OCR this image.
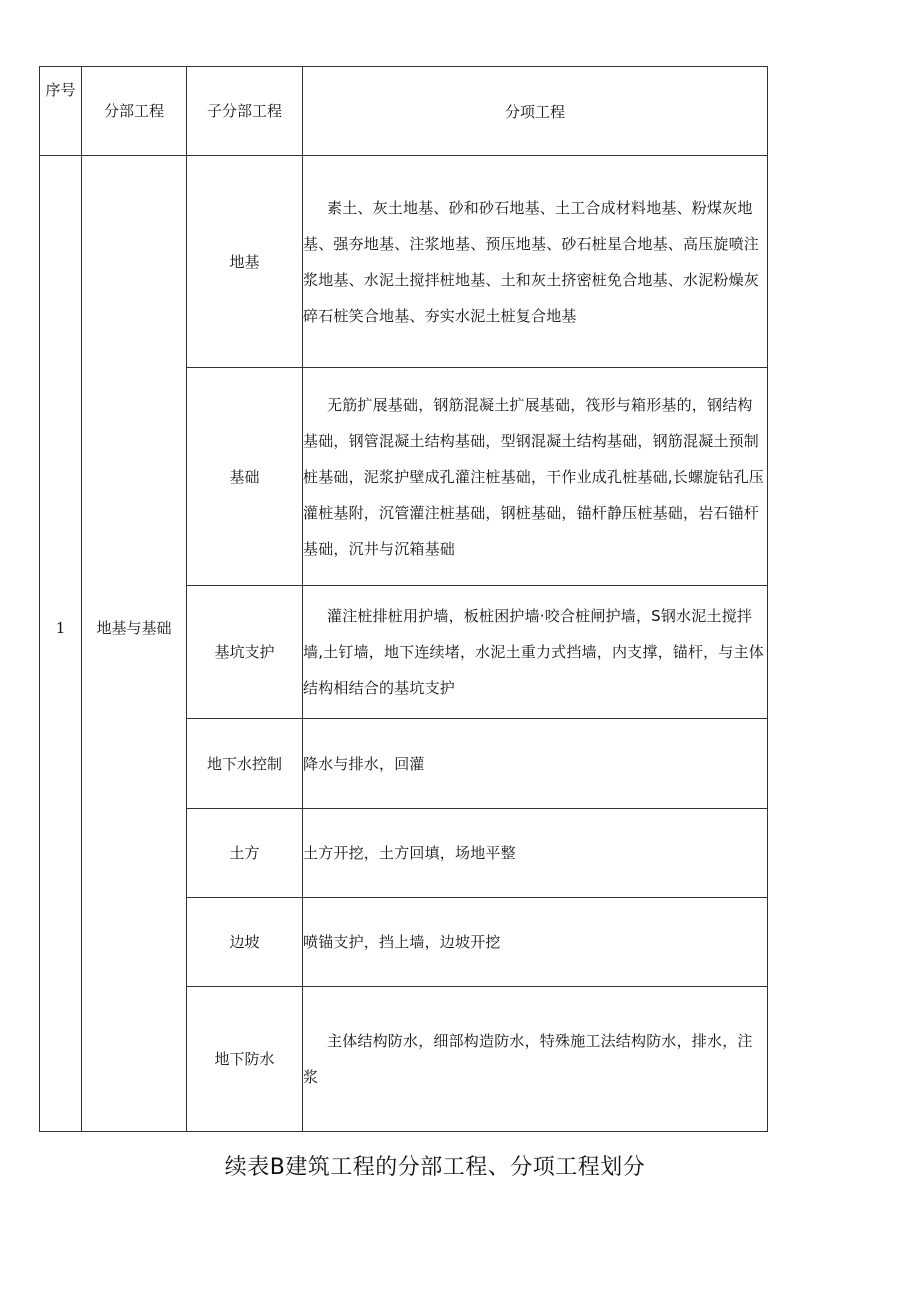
序号	分部工程	子分部工程	分项工程
1	地基与基础	地基	素土、灰土地基、砂和砂石地基、土工合成材料地基、粉煤灰地基、强夯地基、注浆地基、预压地基、砂石桩星合地基、高压旋喷注浆地基、水泥土搅拌桩地基、土和灰土挤密桩免合地基、水泥粉燥灰碎石桩笑合地基、夯实水泥土桩复合地基

		基础	无筋扩展基础，钢筋混凝土扩展基础，筏形与箱形基的，钢结构基础，钢管混凝土结构基础，型钢混凝土结构基础，钢筋混凝土预制桩基础，泥浆护壁成孔灌注桩基础，干作业成孔桩基础,长螺旋钻孔压灌桩基附，沉管灌注桩基础，钢桩基础，锚杆静压桩基础，岩石锚杆基础，沉井与沉箱基础

		基坑支护	灌注桩排桩用护墙，板桩困护墙·咬合桩闸护墙，S钢水泥土搅拌墙,土钉墙，地下连续堵，水泥土重力式挡墙，内支撑，锚杆，与主体结构相结合的基坑支护

		地下水控制	降水与排水，回灌

		土方	土方开挖，土方回填，场地平整

		边坡	喷锚支护，挡上墙，边坡开挖

		地下防水	主体结构防水，细部构造防水，特殊施工法结构防水，排水，注浆
续表B建筑工程的分部工程、分项工程划分
